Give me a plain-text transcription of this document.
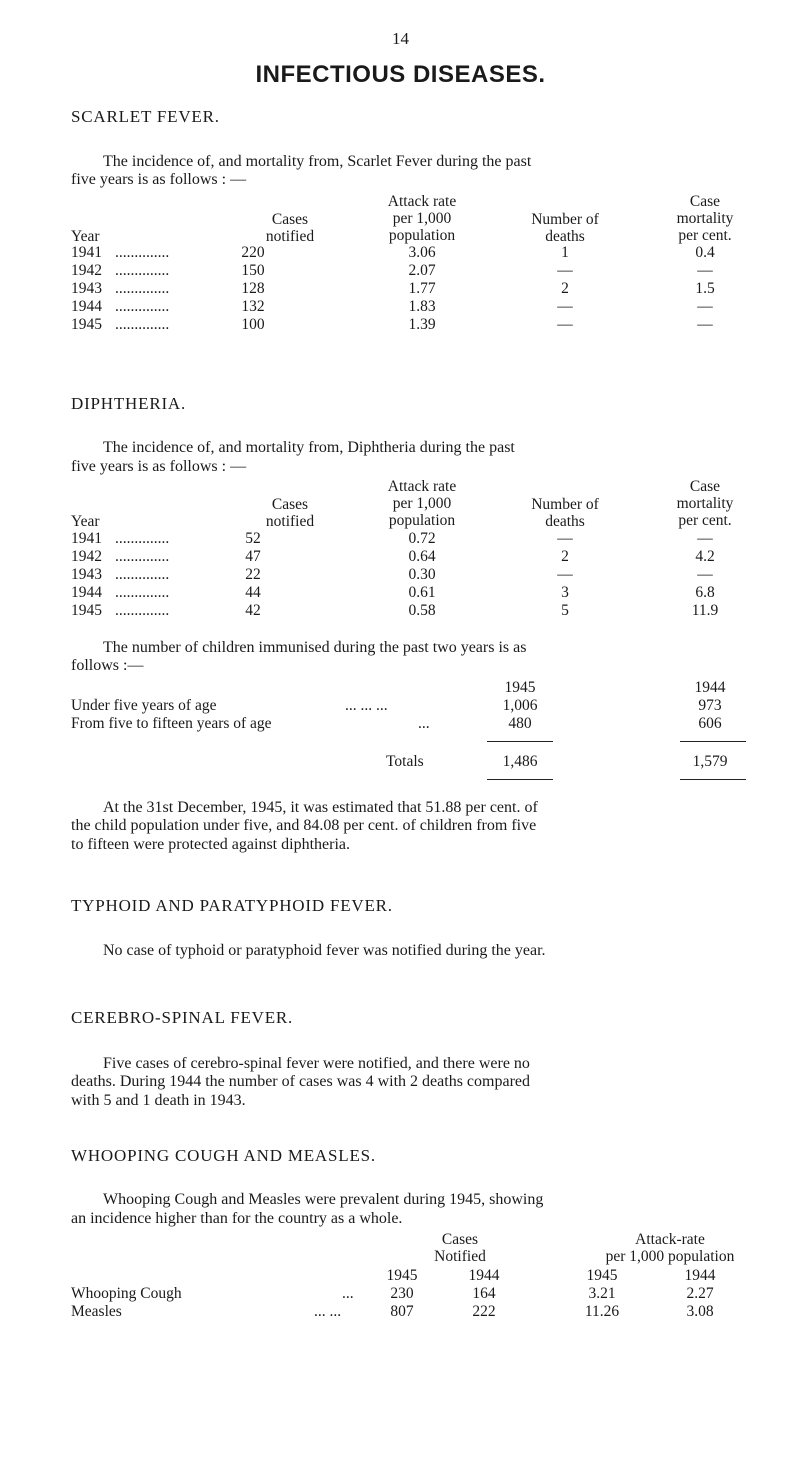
14
INFECTIOUS DISEASES.
SCARLET FEVER.
The incidence of, and mortality from, Scarlet Fever during the past
five years is as follows : —
Year
Cases
notified
Attack rate
per 1,000
population
Number of
deaths
Case
mortality
per cent.
1941 ..............	220	3.06	1	0.4
1942 ..............	150	2.07	—	—
1943 ..............	128	1.77	2	1.5
1944 ..............	132	1.83	—	—
1945 ..............	100	1.39	—	—
DIPHTHERIA.
The incidence of, and mortality from, Diphtheria during the past
five years is as follows : —
Year
Cases
notified
Attack rate
per 1,000
population
Number of
deaths
Case
mortality
per cent.
1941 ..............	52	0.72	—	—
1942 ..............	47	0.64	2	4.2
1943 ..............	22	0.30	—	—
1944 ..............	44	0.61	3	6.8
1945 ..............	42	0.58	5	11.9
The number of children immunised during the past two years is as
follows :—
1945	1944
Under five years of age	... ... ...	1,006	973
From five to fifteen years of age	...	480	606
Totals	1,486	1,579
At the 31st December, 1945, it was estimated that 51.88 per cent. of
the child population under five, and 84.08 per cent. of children from five
to fifteen were protected against diphtheria.
TYPHOID AND PARATYPHOID FEVER.
No case of typhoid or paratyphoid fever was notified during the year.
CEREBRO-SPINAL FEVER.
Five cases of cerebro-spinal fever were notified, and there were no
deaths. During 1944 the number of cases was 4 with 2 deaths compared
with 5 and 1 death in 1943.
WHOOPING COUGH AND MEASLES.
Whooping Cough and Measles were prevalent during 1945, showing
an incidence higher than for the country as a whole.
Cases
Notified
Attack-rate
per 1,000 population
1945	1944	1945	1944
Whooping Cough	...	230	164	3.21	2.27
Measles	... ...	807	222	11.26	3.08
